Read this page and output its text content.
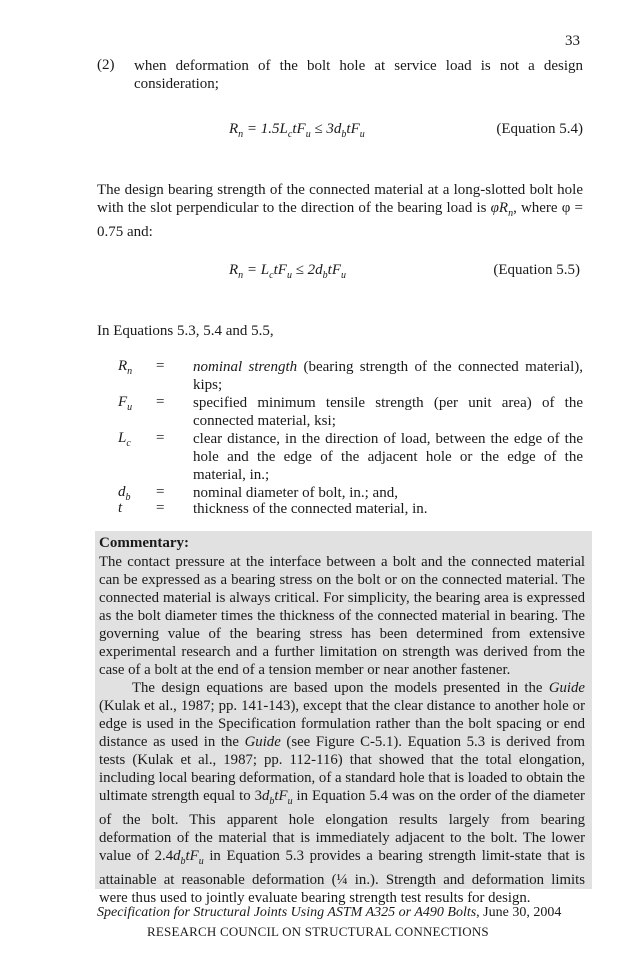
33
(2) when deformation of the bolt hole at service load is not a design consideration;
$R_n = 1.5L_ctF_u \le 3d_btF_u$	(Equation 5.4)
The design bearing strength of the connected material at a long-slotted bolt hole with the slot perpendicular to the direction of the bearing load is $\varphi R_n$, where φ = 0.75 and:
$R_n = L_ctF_u \le 2d_btF_u$	(Equation 5.5)
In Equations 5.3, 5.4 and 5.5,
$R_n$ = nominal strength (bearing strength of the connected material), kips;
$F_u$ = specified minimum tensile strength (per unit area) of the connected material, ksi;
$L_c$ = clear distance, in the direction of load, between the edge of the hole and the edge of the adjacent hole or the edge of the material, in.;
$d_b$ = nominal diameter of bolt, in.; and,
t = thickness of the connected material, in.
Commentary:
The contact pressure at the interface between a bolt and the connected material can be expressed as a bearing stress on the bolt or on the connected material. The connected material is always critical. For simplicity, the bearing area is expressed as the bolt diameter times the thickness of the connected material in bearing. The governing value of the bearing stress has been determined from extensive experimental research and a further limitation on strength was derived from the case of a bolt at the end of a tension member or near another fastener.
The design equations are based upon the models presented in the Guide (Kulak et al., 1987; pp. 141-143), except that the clear distance to another hole or edge is used in the Specification formulation rather than the bolt spacing or end distance as used in the Guide (see Figure C-5.1). Equation 5.3 is derived from tests (Kulak et al., 1987; pp. 112-116) that showed that the total elongation, including local bearing deformation, of a standard hole that is loaded to obtain the ultimate strength equal to $3d_btF_u$ in Equation 5.4 was on the order of the diameter of the bolt. This apparent hole elongation results largely from bearing deformation of the material that is immediately adjacent to the bolt. The lower value of $2.4d_btF_u$ in Equation 5.3 provides a bearing strength limit-state that is attainable at reasonable deformation (¼ in.). Strength and deformation limits were thus used to jointly evaluate bearing strength test results for design.
Specification for Structural Joints Using ASTM A325 or A490 Bolts, June 30, 2004
RESEARCH COUNCIL ON STRUCTURAL CONNECTIONS
